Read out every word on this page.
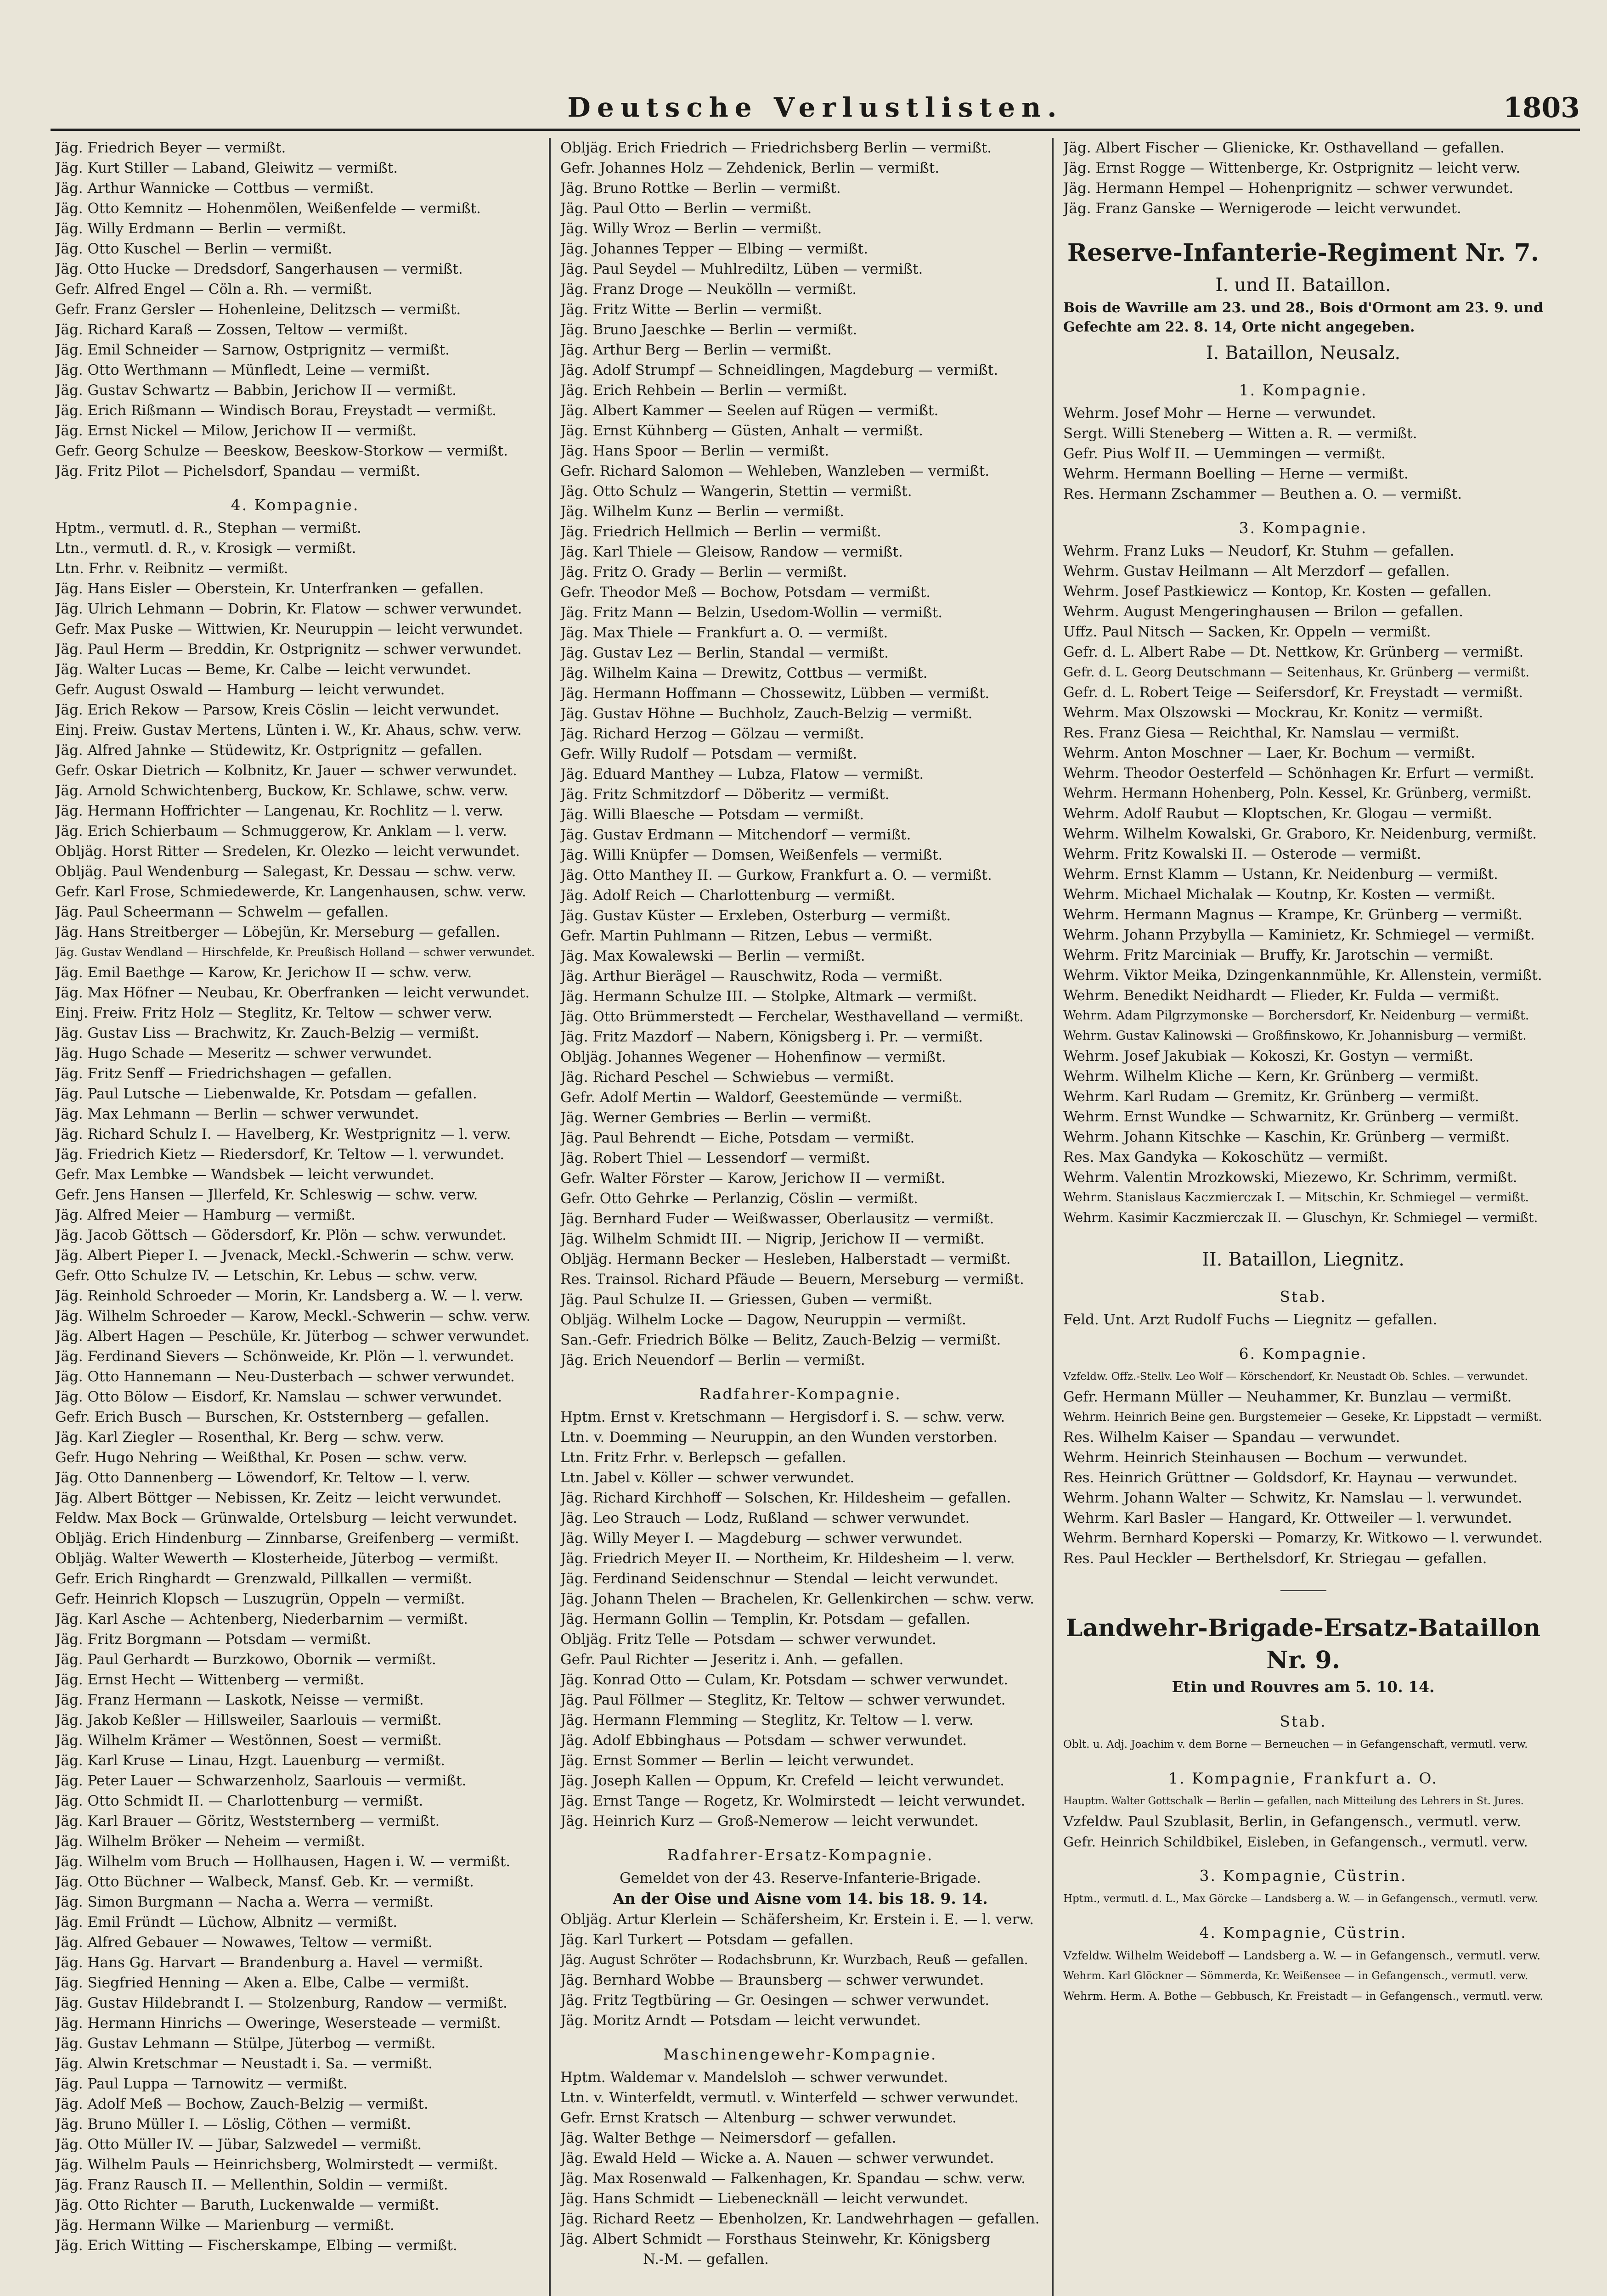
Deutsche Verlustlisten.	1803
Jäg. Friedrich Beyer — vermißt.
Jäg. Kurt Stiller — Laband, Gleiwitz — vermißt.
Jäg. Arthur Wannicke — Cottbus — vermißt.
Jäg. Otto Kemnitz — Hohenmölen, Weißenfelde — vermißt.
Jäg. Willy Erdmann — Berlin — vermißt.
Jäg. Otto Kuschel — Berlin — vermißt.
Jäg. Otto Hucke — Dredsdorf, Sangerhausen — vermißt.
Gefr. Alfred Engel — Cöln a. Rh. — vermißt.
Gefr. Franz Gersler — Hohenleine, Delitzsch — vermißt.
Jäg. Richard Karaß — Zossen, Teltow — vermißt.
Jäg. Emil Schneider — Sarnow, Ostprignitz — vermißt.
Jäg. Otto Werthmann — Münfledt, Leine — vermißt.
Jäg. Gustav Schwartz — Babbin, Jerichow II — vermißt.
Jäg. Erich Rißmann — Windisch Borau, Freystadt — vermißt.
Jäg. Ernst Nickel — Milow, Jerichow II — vermißt.
Gefr. Georg Schulze — Beeskow, Beeskow-Storkow — vermißt.
Jäg. Fritz Pilot — Pichelsdorf, Spandau — vermißt.
4. Kompagnie.
Hptm., vermutl. d. R., Stephan — vermißt.
Ltn., vermutl. d. R., v. Krosigk — vermißt.
Ltn. Frhr. v. Reibnitz — vermißt.
Jäg. Hans Eisler — Oberstein, Kr. Unterfranken — gefallen.
Jäg. Ulrich Lehmann — Dobrin, Kr. Flatow — schwer verwundet.
Gefr. Max Puske — Wittwien, Kr. Neuruppin — leicht verwundet.
Jäg. Paul Herm — Breddin, Kr. Ostprignitz — schwer verwundet.
Jäg. Walter Lucas — Beme, Kr. Calbe — leicht verwundet.
Gefr. August Oswald — Hamburg — leicht verwundet.
Jäg. Erich Rekow — Parsow, Kreis Cöslin — leicht verwundet.
Einj. Freiw. Gustav Mertens, Lünten i. W., Kr. Ahaus, schw. verw.
Jäg. Alfred Jahnke — Stüdewitz, Kr. Ostprignitz — gefallen.
Gefr. Oskar Dietrich — Kolbnitz, Kr. Jauer — schwer verwundet.
Jäg. Arnold Schwichtenberg, Buckow, Kr. Schlawe, schw. verw.
Jäg. Hermann Hoffrichter — Langenau, Kr. Rochlitz — l. verw.
Jäg. Erich Schierbaum — Schmuggerow, Kr. Anklam — l. verw.
Obljäg. Horst Ritter — Sredelen, Kr. Olezko — leicht verwundet.
Obljäg. Paul Wendenburg — Salegast, Kr. Dessau — schw. verw.
Gefr. Karl Frose, Schmiedewerde, Kr. Langenhausen, schw. verw.
Jäg. Paul Scheermann — Schwelm — gefallen.
Jäg. Hans Streitberger — Löbejün, Kr. Merseburg — gefallen.
Jäg. Gustav Wendland — Hirschfelde, Kr. Preußisch Holland — schwer verwundet.
Jäg. Emil Baethge — Karow, Kr. Jerichow II — schw. verw.
Jäg. Max Höfner — Neubau, Kr. Oberfranken — leicht verwundet.
Einj. Freiw. Fritz Holz — Steglitz, Kr. Teltow — schwer verw.
Jäg. Gustav Liss — Brachwitz, Kr. Zauch-Belzig — vermißt.
Jäg. Hugo Schade — Meseritz — schwer verwundet.
Jäg. Fritz Senff — Friedrichshagen — gefallen.
Jäg. Paul Lutsche — Liebenwalde, Kr. Potsdam — gefallen.
Jäg. Max Lehmann — Berlin — schwer verwundet.
Jäg. Richard Schulz I. — Havelberg, Kr. Westprignitz — l. verw.
Jäg. Friedrich Kietz — Riedersdorf, Kr. Teltow — l. verwundet.
Gefr. Max Lembke — Wandsbek — leicht verwundet.
Gefr. Jens Hansen — Jllerfeld, Kr. Schleswig — schw. verw.
Jäg. Alfred Meier — Hamburg — vermißt.
Jäg. Jacob Göttsch — Gödersdorf, Kr. Plön — schw. verwundet.
Jäg. Albert Pieper I. — Jvenack, Meckl.-Schwerin — schw. verw.
Gefr. Otto Schulze IV. — Letschin, Kr. Lebus — schw. verw.
Jäg. Reinhold Schroeder — Morin, Kr. Landsberg a. W. — l. verw.
Jäg. Wilhelm Schroeder — Karow, Meckl.-Schwerin — schw. verw.
Jäg. Albert Hagen — Peschüle, Kr. Jüterbog — schwer verwundet.
Jäg. Ferdinand Sievers — Schönweide, Kr. Plön — l. verwundet.
Jäg. Otto Hannemann — Neu-Dusterbach — schwer verwundet.
Jäg. Otto Bölow — Eisdorf, Kr. Namslau — schwer verwundet.
Gefr. Erich Busch — Burschen, Kr. Oststernberg — gefallen.
Jäg. Karl Ziegler — Rosenthal, Kr. Berg — schw. verw.
Gefr. Hugo Nehring — Weißthal, Kr. Posen — schw. verw.
Jäg. Otto Dannenberg — Löwendorf, Kr. Teltow — l. verw.
Jäg. Albert Böttger — Nebissen, Kr. Zeitz — leicht verwundet.
Feldw. Max Bock — Grünwalde, Ortelsburg — leicht verwundet.
Obljäg. Erich Hindenburg — Zinnbarse, Greifenberg — vermißt.
Obljäg. Walter Wewerth — Klosterheide, Jüterbog — vermißt.
Gefr. Erich Ringhardt — Grenzwald, Pillkallen — vermißt.
Gefr. Heinrich Klopsch — Luszugrün, Oppeln — vermißt.
Jäg. Karl Asche — Achtenberg, Niederbarnim — vermißt.
Jäg. Fritz Borgmann — Potsdam — vermißt.
Jäg. Paul Gerhardt — Burzkowo, Obornik — vermißt.
Jäg. Ernst Hecht — Wittenberg — vermißt.
Jäg. Franz Hermann — Laskotk, Neisse — vermißt.
Jäg. Jakob Keßler — Hillsweiler, Saarlouis — vermißt.
Jäg. Wilhelm Krämer — Westönnen, Soest — vermißt.
Jäg. Karl Kruse — Linau, Hzgt. Lauenburg — vermißt.
Jäg. Peter Lauer — Schwarzenholz, Saarlouis — vermißt.
Jäg. Otto Schmidt II. — Charlottenburg — vermißt.
Jäg. Karl Brauer — Göritz, Weststernberg — vermißt.
Jäg. Wilhelm Bröker — Neheim — vermißt.
Jäg. Wilhelm vom Bruch — Hollhausen, Hagen i. W. — vermißt.
Jäg. Otto Büchner — Walbeck, Mansf. Geb. Kr. — vermißt.
Jäg. Simon Burgmann — Nacha a. Werra — vermißt.
Jäg. Emil Fründt — Lüchow, Albnitz — vermißt.
Jäg. Alfred Gebauer — Nowawes, Teltow — vermißt.
Jäg. Hans Gg. Harvart — Brandenburg a. Havel — vermißt.
Jäg. Siegfried Henning — Aken a. Elbe, Calbe — vermißt.
Jäg. Gustav Hildebrandt I. — Stolzenburg, Randow — vermißt.
Jäg. Hermann Hinrichs — Oweringe, Wesersteade — vermißt.
Jäg. Gustav Lehmann — Stülpe, Jüterbog — vermißt.
Jäg. Alwin Kretschmar — Neustadt i. Sa. — vermißt.
Jäg. Paul Luppa — Tarnowitz — vermißt.
Jäg. Adolf Meß — Bochow, Zauch-Belzig — vermißt.
Jäg. Bruno Müller I. — Löslig, Cöthen — vermißt.
Jäg. Otto Müller IV. — Jübar, Salzwedel — vermißt.
Jäg. Wilhelm Pauls — Heinrichsberg, Wolmirstedt — vermißt.
Jäg. Franz Rausch II. — Mellenthin, Soldin — vermißt.
Jäg. Otto Richter — Baruth, Luckenwalde — vermißt.
Jäg. Hermann Wilke — Marienburg — vermißt.
Jäg. Erich Witting — Fischerskampe, Elbing — vermißt.
Obljäg. Erich Friedrich — Friedrichsberg Berlin — vermißt.
Gefr. Johannes Holz — Zehdenick, Berlin — vermißt.
Jäg. Bruno Rottke — Berlin — vermißt.
Jäg. Paul Otto — Berlin — vermißt.
Jäg. Willy Wroz — Berlin — vermißt.
Jäg. Johannes Tepper — Elbing — vermißt.
Jäg. Paul Seydel — Muhlrediltz, Lüben — vermißt.
Jäg. Franz Droge — Neukölln — vermißt.
Jäg. Fritz Witte — Berlin — vermißt.
Jäg. Bruno Jaeschke — Berlin — vermißt.
Jäg. Arthur Berg — Berlin — vermißt.
Jäg. Adolf Strumpf — Schneidlingen, Magdeburg — vermißt.
Jäg. Erich Rehbein — Berlin — vermißt.
Jäg. Albert Kammer — Seelen auf Rügen — vermißt.
Jäg. Ernst Kühnberg — Güsten, Anhalt — vermißt.
Jäg. Hans Spoor — Berlin — vermißt.
Gefr. Richard Salomon — Wehleben, Wanzleben — vermißt.
Jäg. Otto Schulz — Wangerin, Stettin — vermißt.
Jäg. Wilhelm Kunz — Berlin — vermißt.
Jäg. Friedrich Hellmich — Berlin — vermißt.
Jäg. Karl Thiele — Gleisow, Randow — vermißt.
Jäg. Fritz O. Grady — Berlin — vermißt.
Gefr. Theodor Meß — Bochow, Potsdam — vermißt.
Jäg. Fritz Mann — Belzin, Usedom-Wollin — vermißt.
Jäg. Max Thiele — Frankfurt a. O. — vermißt.
Jäg. Gustav Lez — Berlin, Standal — vermißt.
Jäg. Wilhelm Kaina — Drewitz, Cottbus — vermißt.
Jäg. Hermann Hoffmann — Chossewitz, Lübben — vermißt.
Jäg. Gustav Höhne — Buchholz, Zauch-Belzig — vermißt.
Jäg. Richard Herzog — Gölzau — vermißt.
Gefr. Willy Rudolf — Potsdam — vermißt.
Jäg. Eduard Manthey — Lubza, Flatow — vermißt.
Jäg. Fritz Schmitzdorf — Döberitz — vermißt.
Jäg. Willi Blaesche — Potsdam — vermißt.
Jäg. Gustav Erdmann — Mitchendorf — vermißt.
Jäg. Willi Knüpfer — Domsen, Weißenfels — vermißt.
Jäg. Otto Manthey II. — Gurkow, Frankfurt a. O. — vermißt.
Jäg. Adolf Reich — Charlottenburg — vermißt.
Jäg. Gustav Küster — Erxleben, Osterburg — vermißt.
Gefr. Martin Puhlmann — Ritzen, Lebus — vermißt.
Jäg. Max Kowalewski — Berlin — vermißt.
Jäg. Arthur Bierägel — Rauschwitz, Roda — vermißt.
Jäg. Hermann Schulze III. — Stolpke, Altmark — vermißt.
Jäg. Otto Brümmerstedt — Ferchelar, Westhavelland — vermißt.
Jäg. Fritz Mazdorf — Nabern, Königsberg i. Pr. — vermißt.
Obljäg. Johannes Wegener — Hohenfinow — vermißt.
Jäg. Richard Peschel — Schwiebus — vermißt.
Gefr. Adolf Mertin — Waldorf, Geestemünde — vermißt.
Jäg. Werner Gembries — Berlin — vermißt.
Jäg. Paul Behrendt — Eiche, Potsdam — vermißt.
Jäg. Robert Thiel — Lessendorf — vermißt.
Gefr. Walter Förster — Karow, Jerichow II — vermißt.
Gefr. Otto Gehrke — Perlanzig, Cöslin — vermißt.
Jäg. Bernhard Fuder — Weißwasser, Oberlausitz — vermißt.
Jäg. Wilhelm Schmidt III. — Nigrip, Jerichow II — vermißt.
Obljäg. Hermann Becker — Hesleben, Halberstadt — vermißt.
Res. Trainsol. Richard Pfäude — Beuern, Merseburg — vermißt.
Jäg. Paul Schulze II. — Griessen, Guben — vermißt.
Obljäg. Wilhelm Locke — Dagow, Neuruppin — vermißt.
San.-Gefr. Friedrich Bölke — Belitz, Zauch-Belzig — vermißt.
Jäg. Erich Neuendorf — Berlin — vermißt.
Radfahrer-Kompagnie.
Hptm. Ernst v. Kretschmann — Hergisdorf i. S. — schw. verw.
Ltn. v. Doemming — Neuruppin, an den Wunden verstorben.
Ltn. Fritz Frhr. v. Berlepsch — gefallen.
Ltn. Jabel v. Köller — schwer verwundet.
Jäg. Richard Kirchhoff — Solschen, Kr. Hildesheim — gefallen.
Jäg. Leo Strauch — Lodz, Rußland — schwer verwundet.
Jäg. Willy Meyer I. — Magdeburg — schwer verwundet.
Jäg. Friedrich Meyer II. — Northeim, Kr. Hildesheim — l. verw.
Jäg. Ferdinand Seidenschnur — Stendal — leicht verwundet.
Jäg. Johann Thelen — Brachelen, Kr. Gellenkirchen — schw. verw.
Jäg. Hermann Gollin — Templin, Kr. Potsdam — gefallen.
Obljäg. Fritz Telle — Potsdam — schwer verwundet.
Gefr. Paul Richter — Jeseritz i. Anh. — gefallen.
Jäg. Konrad Otto — Culam, Kr. Potsdam — schwer verwundet.
Jäg. Paul Föllmer — Steglitz, Kr. Teltow — schwer verwundet.
Jäg. Hermann Flemming — Steglitz, Kr. Teltow — l. verw.
Jäg. Adolf Ebbinghaus — Potsdam — schwer verwundet.
Jäg. Ernst Sommer — Berlin — leicht verwundet.
Jäg. Joseph Kallen — Oppum, Kr. Crefeld — leicht verwundet.
Jäg. Ernst Tange — Rogetz, Kr. Wolmirstedt — leicht verwundet.
Jäg. Heinrich Kurz — Groß-Nemerow — leicht verwundet.
Radfahrer-Ersatz-Kompagnie.
Gemeldet von der 43. Reserve-Infanterie-Brigade.
An der Oise und Aisne vom 14. bis 18. 9. 14.
Obljäg. Artur Klerlein — Schäfersheim, Kr. Erstein i. E. — l. verw.
Jäg. Karl Turkert — Potsdam — gefallen.
Jäg. August Schröter — Rodachsbrunn, Kr. Wurzbach, Reuß — gefallen.
Jäg. Bernhard Wobbe — Braunsberg — schwer verwundet.
Jäg. Fritz Tegtbüring — Gr. Oesingen — schwer verwundet.
Jäg. Moritz Arndt — Potsdam — leicht verwundet.
Maschinengewehr-Kompagnie.
Hptm. Waldemar v. Mandelsloh — schwer verwundet.
Ltn. v. Winterfeldt, vermutl. v. Winterfeld — schwer verwundet.
Gefr. Ernst Kratsch — Altenburg — schwer verwundet.
Jäg. Walter Bethge — Neimersdorf — gefallen.
Jäg. Ewald Held — Wicke a. A. Nauen — schwer verwundet.
Jäg. Max Rosenwald — Falkenhagen, Kr. Spandau — schw. verw.
Jäg. Hans Schmidt — Liebenecknäll — leicht verwundet.
Jäg. Richard Reetz — Ebenholzen, Kr. Landwehrhagen — gefallen.
Jäg. Albert Schmidt — Forsthaus Steinwehr, Kr. Königsberg
N.-M. — gefallen.
Jäg. Albert Fischer — Glienicke, Kr. Osthavelland — gefallen.
Jäg. Ernst Rogge — Wittenberge, Kr. Ostprignitz — leicht verw.
Jäg. Hermann Hempel — Hohenprignitz — schwer verwundet.
Jäg. Franz Ganske — Wernigerode — leicht verwundet.
Reserve-Infanterie-Regiment Nr. 7.
I. und II. Bataillon.
Bois de Wavrille am 23. und 28., Bois d'Ormont am 23. 9. und Gefechte am 22. 8. 14, Orte nicht angegeben.
I. Bataillon, Neusalz.
1. Kompagnie.
Wehrm. Josef Mohr — Herne — verwundet.
Sergt. Willi Steneberg — Witten a. R. — vermißt.
Gefr. Pius Wolf II. — Uemmingen — vermißt.
Wehrm. Hermann Boelling — Herne — vermißt.
Res. Hermann Zschammer — Beuthen a. O. — vermißt.
3. Kompagnie.
Wehrm. Franz Luks — Neudorf, Kr. Stuhm — gefallen.
Wehrm. Gustav Heilmann — Alt Merzdorf — gefallen.
Wehrm. Josef Pastkiewicz — Kontop, Kr. Kosten — gefallen.
Wehrm. August Mengeringhausen — Brilon — gefallen.
Uffz. Paul Nitsch — Sacken, Kr. Oppeln — vermißt.
Gefr. d. L. Albert Rabe — Dt. Nettkow, Kr. Grünberg — vermißt.
Gefr. d. L. Georg Deutschmann — Seitenhaus, Kr. Grünberg — vermißt.
Gefr. d. L. Robert Teige — Seifersdorf, Kr. Freystadt — vermißt.
Wehrm. Max Olszowski — Mockrau, Kr. Konitz — vermißt.
Res. Franz Giesa — Reichthal, Kr. Namslau — vermißt.
Wehrm. Anton Moschner — Laer, Kr. Bochum — vermißt.
Wehrm. Theodor Oesterfeld — Schönhagen Kr. Erfurt — vermißt.
Wehrm. Hermann Hohenberg, Poln. Kessel, Kr. Grünberg, vermißt.
Wehrm. Adolf Raubut — Kloptschen, Kr. Glogau — vermißt.
Wehrm. Wilhelm Kowalski, Gr. Graboro, Kr. Neidenburg, vermißt.
Wehrm. Fritz Kowalski II. — Osterode — vermißt.
Wehrm. Ernst Klamm — Ustann, Kr. Neidenburg — vermißt.
Wehrm. Michael Michalak — Koutnp, Kr. Kosten — vermißt.
Wehrm. Hermann Magnus — Krampe, Kr. Grünberg — vermißt.
Wehrm. Johann Przybylla — Kaminietz, Kr. Schmiegel — vermißt.
Wehrm. Fritz Marciniak — Bruffy, Kr. Jarotschin — vermißt.
Wehrm. Viktor Meika, Dzingenkannmühle, Kr. Allenstein, vermißt.
Wehrm. Benedikt Neidhardt — Flieder, Kr. Fulda — vermißt.
Wehrm. Adam Pilgrzymonske — Borchersdorf, Kr. Neidenburg — vermißt.
Wehrm. Gustav Kalinowski — Großfinskowo, Kr. Johannisburg — vermißt.
Wehrm. Josef Jakubiak — Kokoszi, Kr. Gostyn — vermißt.
Wehrm. Wilhelm Kliche — Kern, Kr. Grünberg — vermißt.
Wehrm. Karl Rudam — Gremitz, Kr. Grünberg — vermißt.
Wehrm. Ernst Wundke — Schwarnitz, Kr. Grünberg — vermißt.
Wehrm. Johann Kitschke — Kaschin, Kr. Grünberg — vermißt.
Res. Max Gandyka — Kokoschütz — vermißt.
Wehrm. Valentin Mrozkowski, Miezewo, Kr. Schrimm, vermißt.
Wehrm. Stanislaus Kaczmierczak I. — Mitschin, Kr. Schmiegel — vermißt.
Wehrm. Kasimir Kaczmierczak II. — Gluschyn, Kr. Schmiegel — vermißt.
II. Bataillon, Liegnitz.
Stab.
Feld. Unt. Arzt Rudolf Fuchs — Liegnitz — gefallen.
6. Kompagnie.
Vzfeldw. Offz.-Stellv. Leo Wolf — Körschendorf, Kr. Neustadt Ob. Schles. — verwundet.
Gefr. Hermann Müller — Neuhammer, Kr. Bunzlau — vermißt.
Wehrm. Heinrich Beine gen. Burgstemeier — Geseke, Kr. Lippstadt — vermißt.
Res. Wilhelm Kaiser — Spandau — verwundet.
Wehrm. Heinrich Steinhausen — Bochum — verwundet.
Res. Heinrich Grüttner — Goldsdorf, Kr. Haynau — verwundet.
Wehrm. Johann Walter — Schwitz, Kr. Namslau — l. verwundet.
Wehrm. Karl Basler — Hangard, Kr. Ottweiler — l. verwundet.
Wehrm. Bernhard Koperski — Pomarzy, Kr. Witkowo — l. verwundet.
Res. Paul Heckler — Berthelsdorf, Kr. Striegau — gefallen.
Landwehr-Brigade-Ersatz-Bataillon Nr. 9.
Etin und Rouvres am 5. 10. 14.
Stab.
Oblt. u. Adj. Joachim v. dem Borne — Berneuchen — in Gefangenschaft, vermutl. verw.
1. Kompagnie, Frankfurt a. O.
Hauptm. Walter Gottschalk — Berlin — gefallen, nach Mitteilung des Lehrers in St. Jures.
Vzfeldw. Paul Szublasit, Berlin, in Gefangensch., vermutl. verw.
Gefr. Heinrich Schildbikel, Eisleben, in Gefangensch., vermutl. verw.
3. Kompagnie, Cüstrin.
Hptm., vermutl. d. L., Max Görcke — Landsberg a. W. — in Gefangensch., vermutl. verw.
4. Kompagnie, Cüstrin.
Vzfeldw. Wilhelm Weideboff — Landsberg a. W. — in Gefangensch., vermutl. verw.
Wehrm. Karl Glöckner — Sömmerda, Kr. Weißensee — in Gefangensch., vermutl. verw.
Wehrm. Herm. A. Bothe — Gebbusch, Kr. Freistadt — in Gefangensch., vermutl. verw.
